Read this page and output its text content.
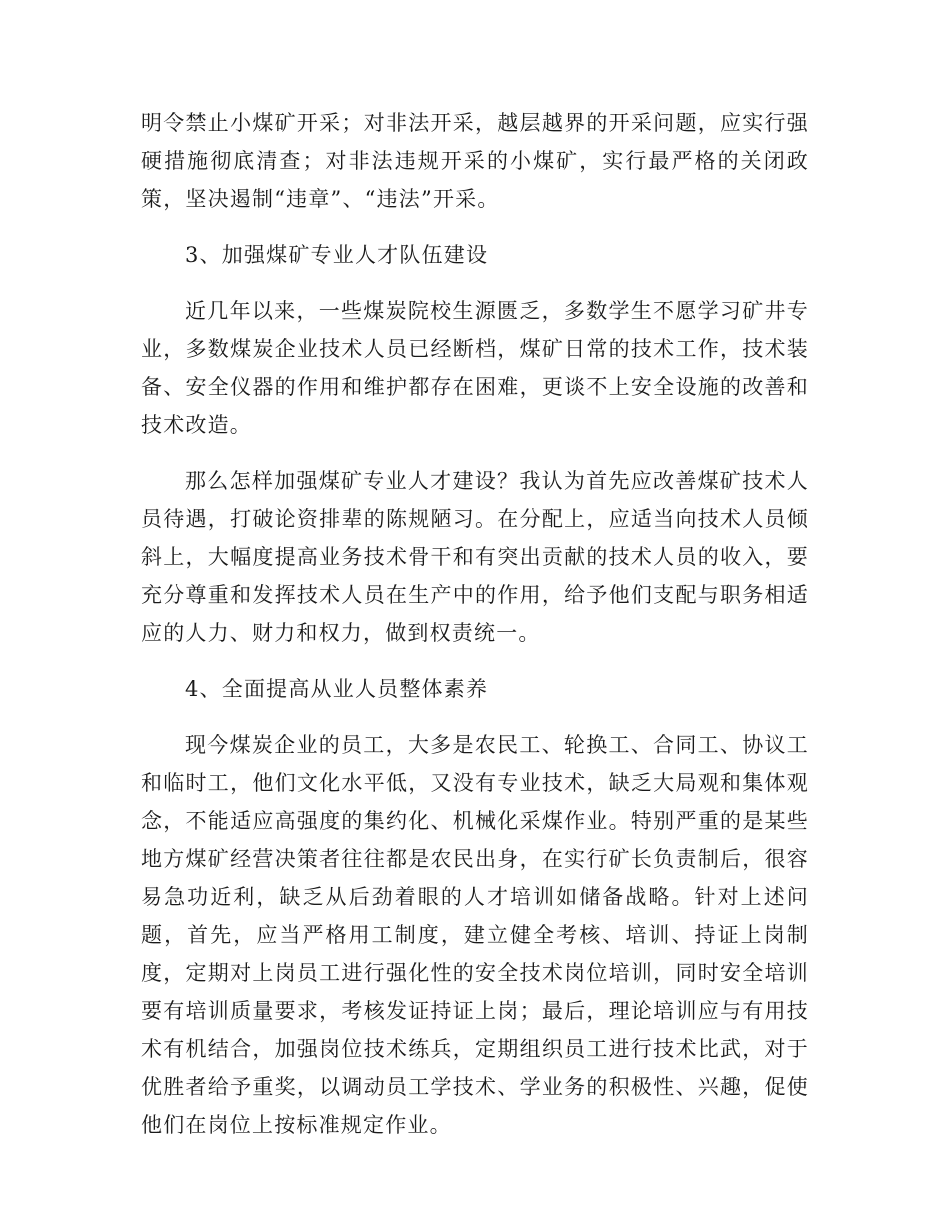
明令禁止小煤矿开采；对非法开采，越层越界的开采问题，应实行强硬措施彻底清查；对非法违规开采的小煤矿，实行最严格的关闭政策，坚决遏制“违章”、“违法”开采。

3、加强煤矿专业人才队伍建设

近几年以来，一些煤炭院校生源匮乏，多数学生不愿学习矿井专业，多数煤炭企业技术人员已经断档，煤矿日常的技术工作，技术装备、安全仪器的作用和维护都存在困难，更谈不上安全设施的改善和技术改造。

那么怎样加强煤矿专业人才建设？我认为首先应改善煤矿技术人员待遇，打破论资排辈的陈规陋习。在分配上，应适当向技术人员倾斜上，大幅度提高业务技术骨干和有突出贡献的技术人员的收入，要充分尊重和发挥技术人员在生产中的作用，给予他们支配与职务相适应的人力、财力和权力，做到权责统一。

4、全面提高从业人员整体素养

现今煤炭企业的员工，大多是农民工、轮换工、合同工、协议工和临时工，他们文化水平低，又没有专业技术，缺乏大局观和集体观念，不能适应高强度的集约化、机械化采煤作业。特别严重的是某些地方煤矿经营决策者往往都是农民出身，在实行矿长负责制后，很容易急功近利，缺乏从后劲着眼的人才培训如储备战略。针对上述问题，首先，应当严格用工制度，建立健全考核、培训、持证上岗制度，定期对上岗员工进行强化性的安全技术岗位培训，同时安全培训要有培训质量要求，考核发证持证上岗；最后，理论培训应与有用技术有机结合，加强岗位技术练兵，定期组织员工进行技术比武，对于优胜者给予重奖，以调动员工学技术、学业务的积极性、兴趣，促使他们在岗位上按标准规定作业。
